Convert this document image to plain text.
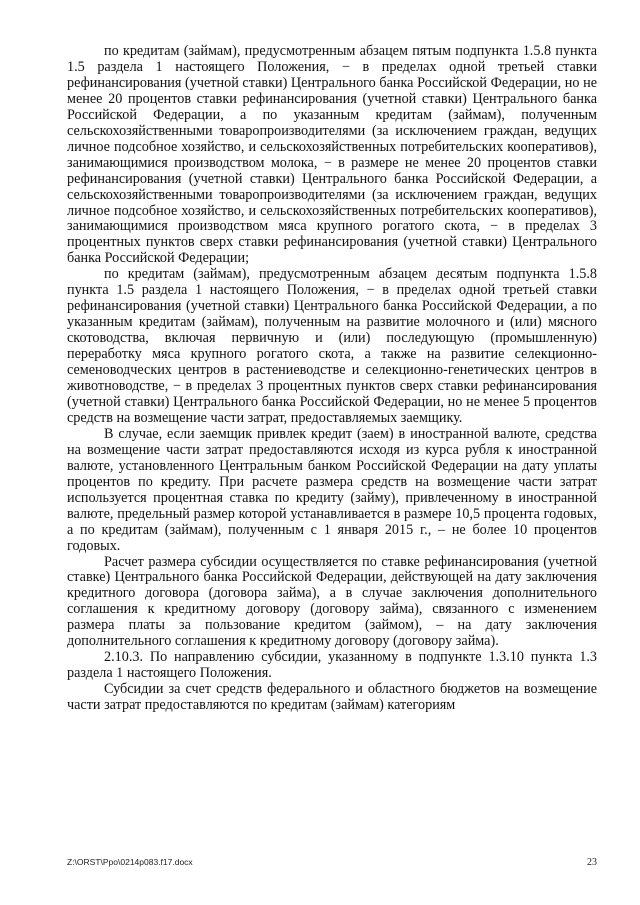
по кредитам (займам), предусмотренным абзацем пятым подпункта 1.5.8 пункта 1.5 раздела 1 настоящего Положения, − в пределах одной третьей ставки рефинансирования (учетной ставки) Центрального банка Российской Федерации, но не менее 20 процентов ставки рефинансирования (учетной ставки) Центрального банка Российской Федерации, а по указанным кредитам (займам), полученным сельскохозяйственными товаропроизводителями (за исключением граждан, ведущих личное подсобное хозяйство, и сельскохозяйственных потребительских кооперативов), занимающимися производством молока, − в размере не менее 20 процентов ставки рефинансирования (учетной ставки) Центрального банка Российской Федерации, а сельскохозяйственными товаропроизводителями (за исключением граждан, ведущих личное подсобное хозяйство, и сельскохозяйственных потребительских кооперативов), занимающимися производством мяса крупного рогатого скота, − в пределах 3 процентных пунктов сверх ставки рефинансирования (учетной ставки) Центрального банка Российской Федерации;

по кредитам (займам), предусмотренным абзацем десятым подпункта 1.5.8 пункта 1.5 раздела 1 настоящего Положения, − в пределах одной третьей ставки рефинансирования (учетной ставки) Центрального банка Российской Федерации, а по указанным кредитам (займам), полученным на развитие молочного и (или) мясного скотоводства, включая первичную и (или) последующую (промышленную) переработку мяса крупного рогатого скота, а также на развитие селекционно-семеноводческих центров в растениеводстве и селекционно-генетических центров в животноводстве, − в пределах 3 процентных пунктов сверх ставки рефинансирования (учетной ставки) Центрального банка Российской Федерации, но не менее 5 процентов средств на возмещение части затрат, предоставляемых заемщику.

В случае, если заемщик привлек кредит (заем) в иностранной валюте, средства на возмещение части затрат предоставляются исходя из курса рубля к иностранной валюте, установленного Центральным банком Российской Федерации на дату уплаты процентов по кредиту. При расчете размера средств на возмещение части затрат используется процентная ставка по кредиту (займу), привлеченному в иностранной валюте, предельный размер которой устанавливается в размере 10,5 процента годовых, а по кредитам (займам), полученным с 1 января 2015 г., – не более 10 процентов годовых.

Расчет размера субсидии осуществляется по ставке рефинансирования (учетной ставке) Центрального банка Российской Федерации, действующей на дату заключения кредитного договора (договора займа), а в случае заключения дополнительного соглашения к кредитному договору (договору займа), связанного с изменением размера платы за пользование кредитом (займом), – на дату заключения дополнительного соглашения к кредитному договору (договору займа).

2.10.3. По направлению субсидии, указанному в подпункте 1.3.10 пункта 1.3 раздела 1 настоящего Положения.

Субсидии за счет средств федерального и областного бюджетов на возмещение части затрат предоставляются по кредитам (займам) категориям

Z:\ORST\Ppo\0214p083.f17.docx	23
